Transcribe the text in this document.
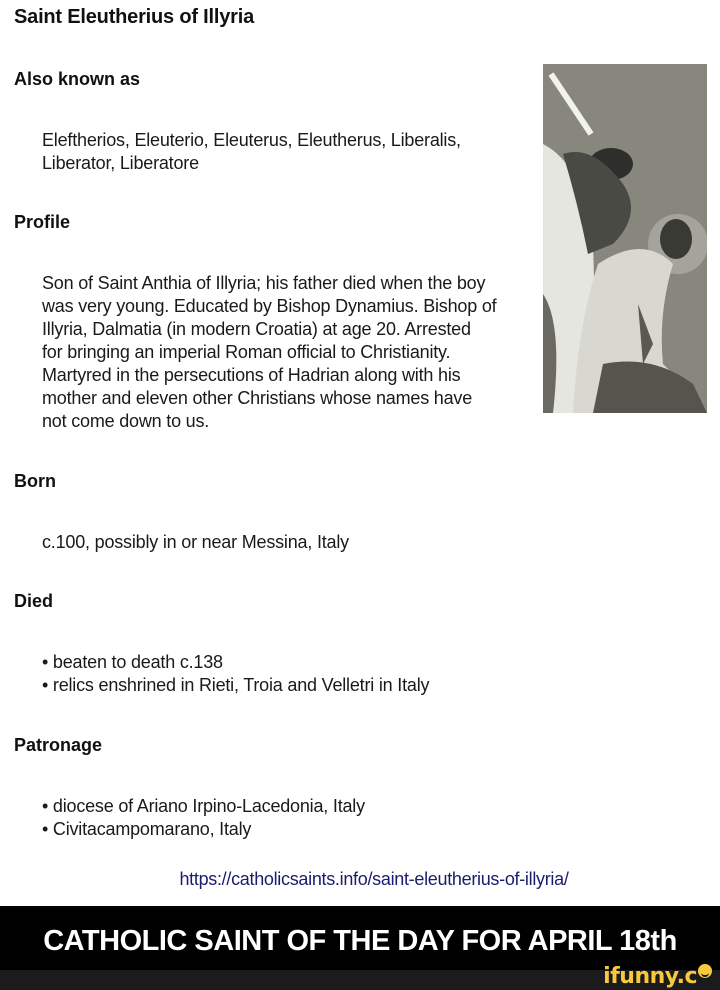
Saint Eleutherius of Illyria
Also known as
Eleftherios, Eleuterio, Eleuterus, Eleutherus, Liberalis,
Liberator, Liberatore
Profile
Son of Saint Anthia of Illyria; his father died when the boy
was very young. Educated by Bishop Dynamius. Bishop of
Illyria, Dalmatia (in modern Croatia) at age 20. Arrested
for bringing an imperial Roman official to Christianity.
Martyred in the persecutions of Hadrian along with his
mother and eleven other Christians whose names have
not come down to us.
Born
c.100, possibly in or near Messina, Italy
Died
• beaten to death c.138
• relics enshrined in Rieti, Troia and Velletri in Italy
Patronage
• diocese of Ariano Irpino-Lacedonia, Italy
• Civitacampomarano, Italy
https://catholicsaints.info/saint-eleutherius-of-illyria/
CATHOLIC SAINT OF THE DAY FOR APRIL 18th
ifunny.c
